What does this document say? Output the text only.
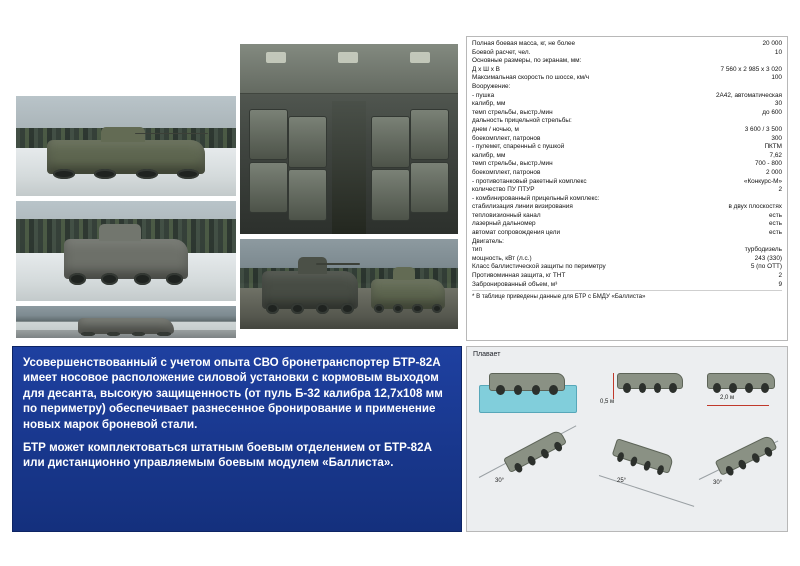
Полная боевая масса, кг, не более	20 000
Боевой расчет, чел.	10
Основные размеры, по экранам, мм:
Д х Ш х В	7 560 х 2 985 х 3 020
Максимальная скорость по шоссе, км/ч	100
Вооружение:
- пушка	2А42, автоматическая
калибр, мм	30
темп стрельбы, выстр./мин	до 600
дальность прицельной стрельбы:
днем / ночью, м	3 600 / 3 500
боекомплект, патронов	300
- пулемет, спаренный с пушкой	ПКТМ
калибр, мм	7,62
темп стрельбы, выстр./мин	700 - 800
боекомплект, патронов	2 000
- противотанковый ракетный комплекс	«Конкурс-М»
количество ПУ ПТУР	2
- комбинированный прицельный комплекс:
стабилизация линии визирования	в двух плоскостях
тепловизионный канал	есть
лазерный дальномер	есть
автомат сопровождения цели	есть
Двигатель:
тип	турбодизель
мощность, кВт (л.с.)	243 (330)
Класс баллистической защиты по периметру	5 (по ОТТ)
Противоминная защита, кг ТНТ	2
Забронированный объем, м³	9
* В таблице приведены данные для БТР с БМДУ «Баллиста»

Усовершенствованный с учетом опыта СВО бронетранспортер БТР-82А имеет носовое расположение силовой установки с кормовым выходом для десанта, высокую защищенность (от пуль Б-32 калибра 12,7х108 мм по периметру) обеспечивает разнесенное бронирование и применение новых марок броневой стали.

БТР может комплектоваться штатным боевым отделением от БТР-82А или дистанционно управляемым боевым модулем «Баллиста».

Плавает
0,5 м
2,0 м
30°	25°	30°
